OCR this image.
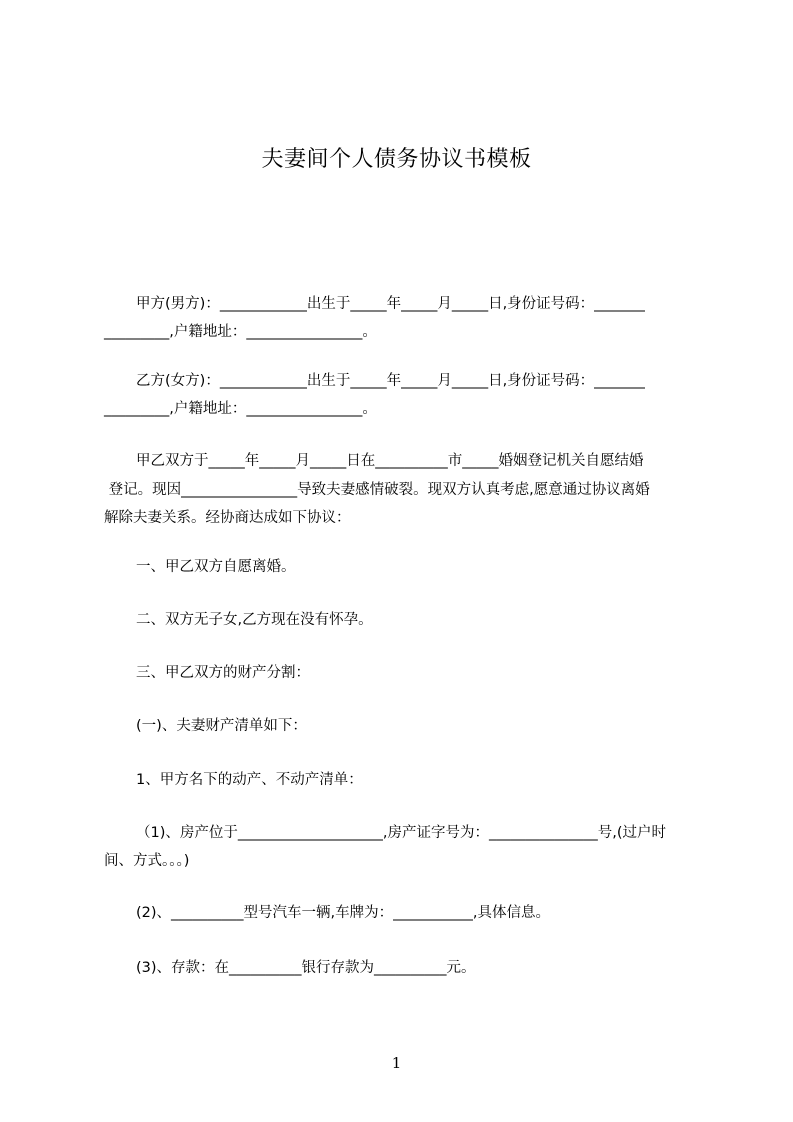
夫妻间个人债务协议书模板
甲方(男方)：____________出生于_____年_____月_____日,身份证号码：_______
_________,户籍地址：________________。
乙方(女方)：____________出生于_____年_____月_____日,身份证号码：_______
_________,户籍地址：________________。
甲乙双方于_____年_____月_____日在__________市_____婚姻登记机关自愿结婚
登记。现因________________导致夫妻感情破裂。现双方认真考虑,愿意通过协议离婚
解除夫妻关系。经协商达成如下协议：
一、甲乙双方自愿离婚。
二、双方无子女,乙方现在没有怀孕。
三、甲乙双方的财产分割：
(一)、夫妻财产清单如下：
1、甲方名下的动产、不动产清单：
（1)、房产位于____________________,房产证字号为：_______________号,(过户时
间、方式。。。)
(2)、__________型号汽车一辆,车牌为：___________,具体信息。
(3)、存款：在__________银行存款为__________元。
1
